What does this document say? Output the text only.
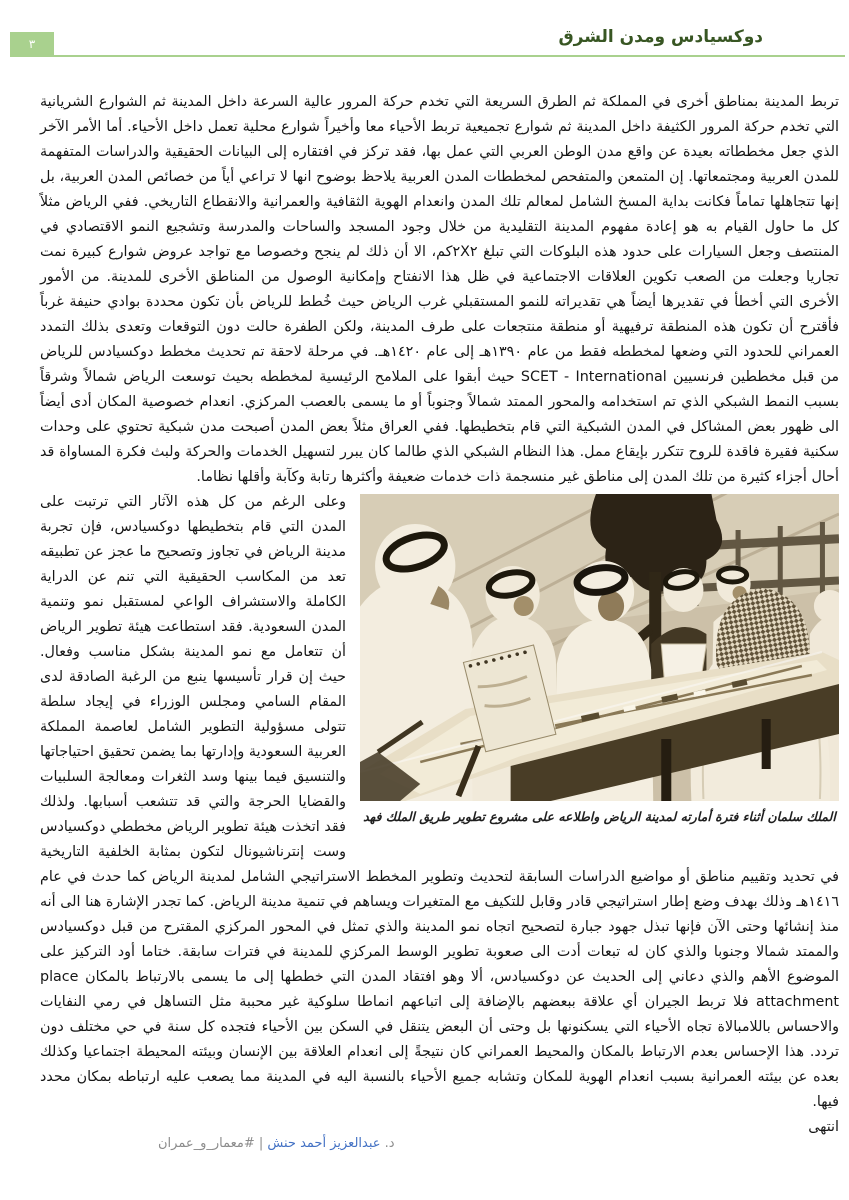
٣	دوكسيادس ومدن الشرق

تربط المدينة بمناطق أخرى في المملكة ثم الطرق السريعة التي تخدم حركة المرور عالية السرعة داخل المدينة ثم الشوارع الشريانية التي تخدم حركة المرور الكثيفة داخل المدينة ثم شوارع تجميعية تربط الأحياء معا وأخيراً شوارع محلية تعمل داخل الأحياء. أما الأمر الآخر الذي جعل مخططاته بعيدة عن واقع مدن الوطن العربي التي عمل بها، فقد تركز في افتقاره إلى البيانات الحقيقية والدراسات المتفهمة للمدن العربية ومجتمعاتها. إن المتمعن والمتفحص لمخططات المدن العربية يلاحظ بوضوح انها لا تراعي أياً من خصائص المدن العربية، بل إنها تتجاهلها تماماً فكانت بداية المسخ الشامل لمعالم تلك المدن وانعدام الهوية الثقافية والعمرانية والانقطاع التاريخي. ففي الرياض مثلاً كل ما حاول القيام به هو إعادة مفهوم المدينة التقليدية من خلال وجود المسجد والساحات والمدرسة وتشجيع النمو الاقتصادي في المنتصف وجعل السيارات على حدود هذه البلوكات التي تبلغ ٢X٢كم، الا أن ذلك لم ينجح وخصوصا مع تواجد عروض شوارع كبيرة نمت تجاريا وجعلت من الصعب تكوين العلاقات الاجتماعية في ظل هذا الانفتاح وإمكانية الوصول من المناطق الأخرى للمدينة. من الأمور الأخرى التي أخطأ في تقديرها أيضاً هي تقديراته للنمو المستقبلي غرب الرياض حيث خُطط للرياض بأن تكون محددة بوادي حنيفة غرباً فأقترح أن تكون هذه المنطقة ترفيهية أو منطقة منتجعات على طرف المدينة، ولكن الطفرة حالت دون التوقعات وتعدى بذلك التمدد العمراني للحدود التي وضعها لمخططه فقط من عام ١٣٩٠هـ إلى عام ١٤٢٠هـ. في مرحلة لاحقة تم تحديث مخطط دوكسيادس للرياض من قبل مخططين فرنسيين SCET - International حيث أبقوا على الملامح الرئيسية لمخططه بحيث توسعت الرياض شمالاً وشرقاً بسبب النمط الشبكي الذي تم استخدامه والمحور الممتد شمالاً وجنوباً أو ما يسمى بالعصب المركزي. انعدام خصوصية المكان أدى أيضاً الى ظهور بعض المشاكل في المدن الشبكية التي قام بتخطيطها. ففي العراق مثلاً بعض المدن أصبحت مدن شبكية تحتوي على وحدات سكنية فقيرة فاقدة للروح تتكرر بإيقاع ممل. هذا النظام الشبكي الذي طالما كان يبرر لتسهيل الخدمات والحركة ولبث فكرة المساواة قد أحال أجزاء كثيرة من تلك المدن إلى مناطق غير منسجمة ذات خدمات ضعيفة وأكثرها رتابة وكآبة وأقلها نظاما.

الملك سلمان أثناء فترة أمارته لمدينة الرياض واطلاعه على مشروع تطوير طريق الملك فهد

وعلى الرغم من كل هذه الآثار التي ترتبت على المدن التي قام بتخطيطها دوكسيادس، فإن تجربة مدينة الرياض في تجاوز وتصحيح ما عجز عن تطبيقه تعد من المكاسب الحقيقية التي تنم عن الدراية الكاملة والاستشراف الواعي لمستقبل نمو وتنمية المدن السعودية. فقد استطاعت هيئة تطوير الرياض أن تتعامل مع نمو المدينة بشكل مناسب وفعال. حيث إن قرار تأسيسها ينبع من الرغبة الصادقة لدى المقام السامي ومجلس الوزراء في إيجاد سلطة تتولى مسؤولية التطوير الشامل لعاصمة المملكة العربية السعودية وإدارتها بما يضمن تحقيق احتياجاتها والتنسيق فيما بينها وسد الثغرات ومعالجة السلبيات والقضايا الحرجة والتي قد تتشعب أسبابها. ولذلك فقد اتخذت هيئة تطوير الرياض مخططي دوكسيادس وست إنترناشيونال لتكون بمثابة الخلفية التاريخية في تحديد وتقييم مناطق أو مواضيع الدراسات السابقة لتحديث وتطوير المخطط الاستراتيجي الشامل لمدينة الرياض كما حدث في عام ١٤١٦هـ وذلك بهدف وضع إطار استراتيجي قادر وقابل للتكيف مع المتغيرات ويساهم في تنمية مدينة الرياض. كما تجدر الإشارة هنا الى أنه منذ إنشائها وحتى الآن فإنها تبذل جهود جبارة لتصحيح اتجاه نمو المدينة والذي تمثل في المحور المركزي المقترح من قبل دوكسيادس والممتد شمالا وجنوبا والذي كان له تبعات أدت الى صعوبة تطوير الوسط المركزي للمدينة في فترات سابقة. ختاما أود التركيز على الموضوع الأهم والذي دعاني إلى الحديث عن دوكسيادس، ألا وهو افتقاد المدن التي خططها إلى ما يسمى بالارتباط بالمكان place attachment فلا تربط الجيران أي علاقة ببعضهم بالإضافة إلى اتباعهم انماطا سلوكية غير محببة مثل التساهل في رمي النفايات والاحساس باللامبالاة تجاه الأحياء التي يسكنونها بل وحتى أن البعض يتنقل في السكن بين الأحياء فتجده كل سنة في حي مختلف دون تردد. هذا الإحساس بعدم الارتباط بالمكان والمحيط العمراني كان نتيجةً إلى انعدام العلاقة بين الإنسان وبيئته المحيطة اجتماعيا وكذلك بعده عن بيئته العمرانية بسبب انعدام الهوية للمكان وتشابه جميع الأحياء بالنسبة اليه في المدينة مما يصعب عليه ارتباطه بمكان محدد فيها.

انتهى

د. عبدالعزيز أحمد حنش | #معمار_و_عمران
